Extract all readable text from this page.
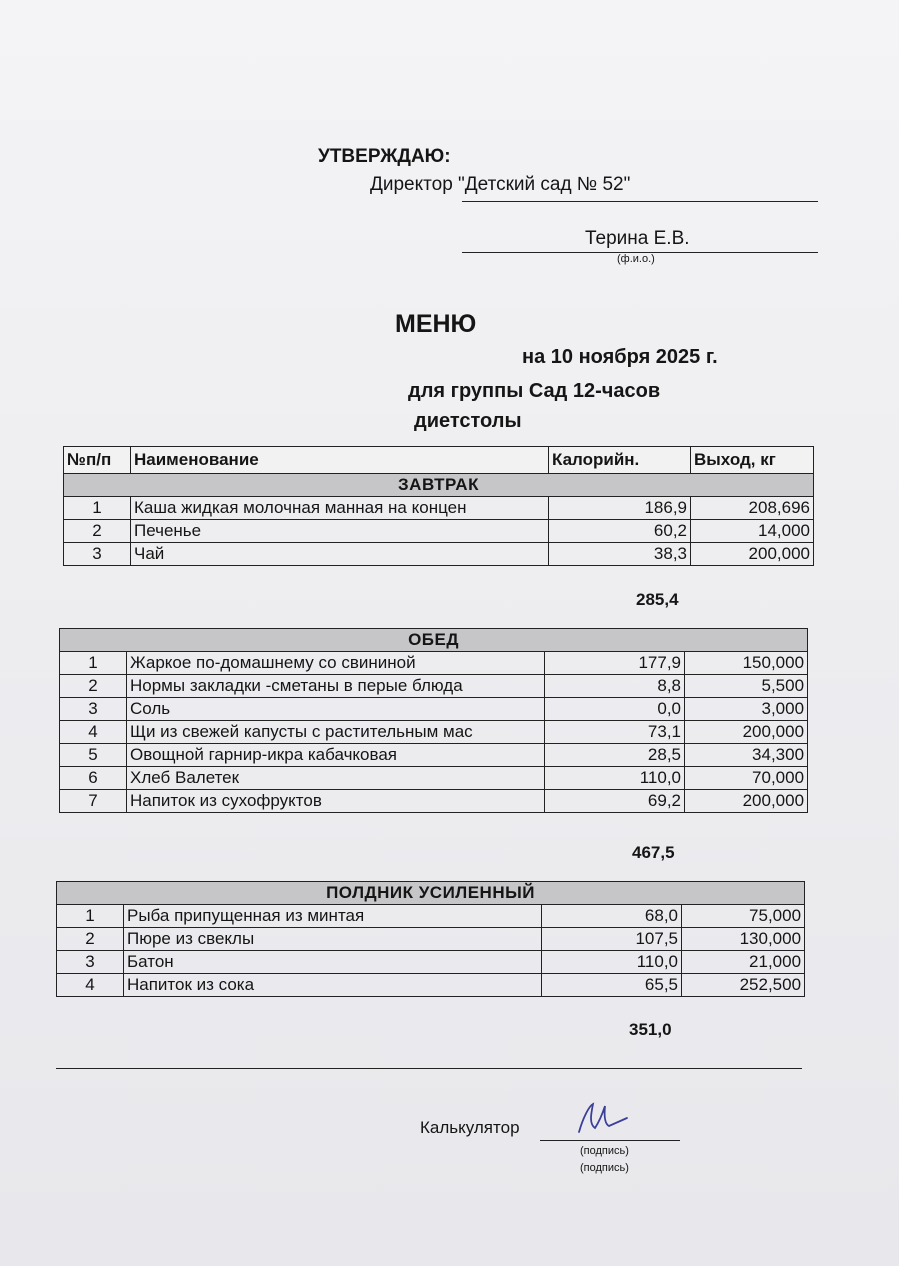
УТВЕРЖДАЮ:
Директор "Детский сад № 52"
Терина Е.В.
(ф.и.о.)
МЕНЮ
на 10 ноября 2025 г.
для группы Сад 12-часов
диетстолы
№п/п	Наименование	Калорийн.	Выход, кг
ЗАВТРАК			
1	Каша жидкая молочная манная на концен	186,9	208,696
2	Печенье	60,2	14,000
3	Чай	38,3	200,000
285,4
ОБЕД			
1	Жаркое по-домашнему со свининой	177,9	150,000
2	Нормы закладки -сметаны в перые блюда	8,8	5,500
3	Соль	0,0	3,000
4	Щи из свежей капусты с растительным мас	73,1	200,000
5	Овощной гарнир-икра кабачковая	28,5	34,300
6	Хлеб Валетек	110,0	70,000
7	Напиток из сухофруктов	69,2	200,000
467,5
ПОЛДНИК УСИЛЕННЫЙ			
1	Рыба припущенная из минтая	68,0	75,000
2	Пюре из свеклы	107,5	130,000
3	Батон	110,0	21,000
4	Напиток из сока	65,5	252,500
351,0
Калькулятор
(подпись)
(подпись)
